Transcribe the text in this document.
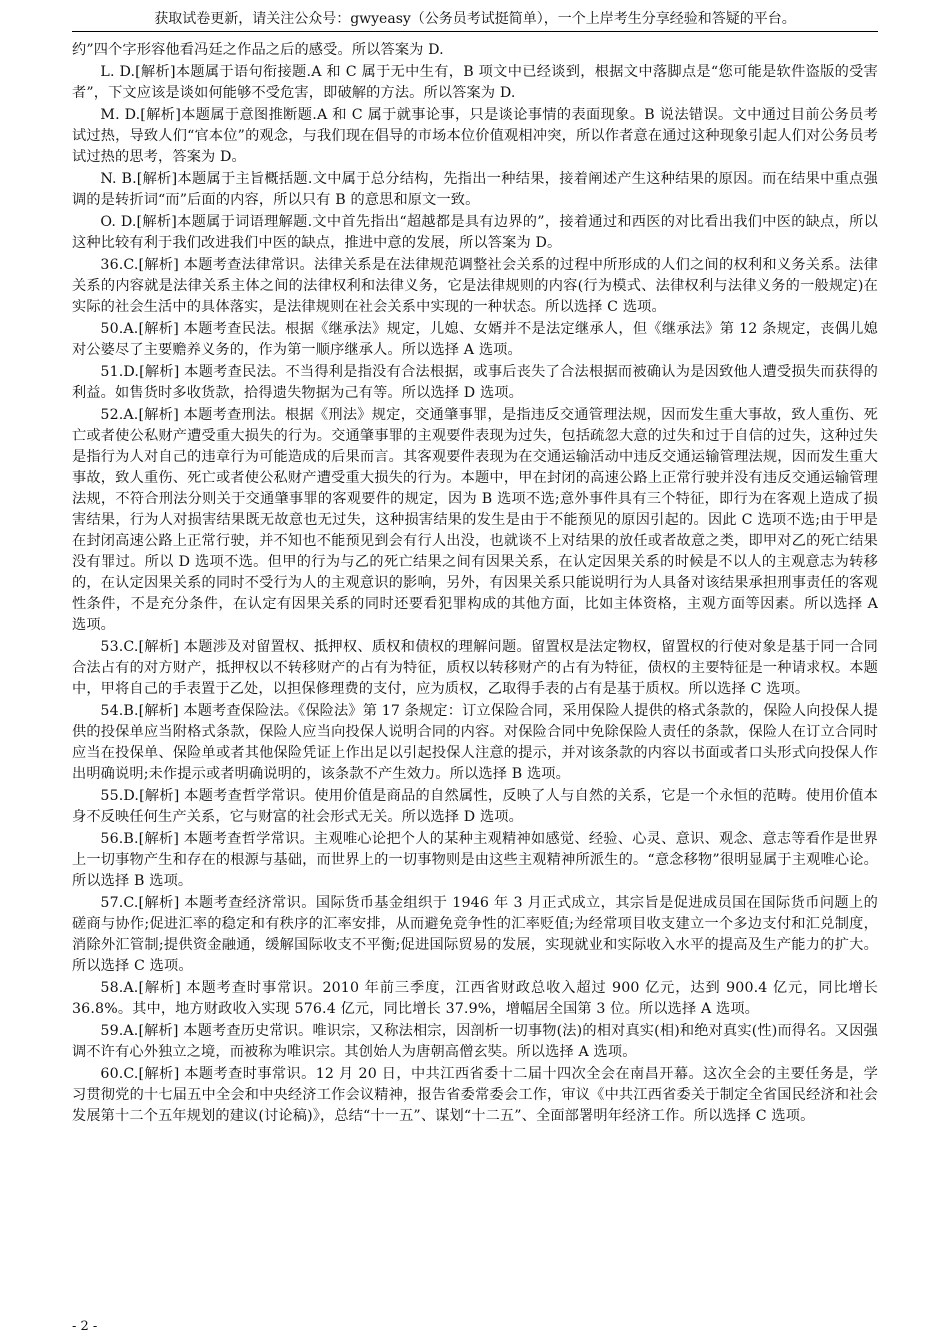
获取试卷更新，请关注公众号：gwyeasy（公务员考试挺简单），一个上岸考生分享经验和答疑的平台。

约”四个字形容他看冯廷之作品之后的感受。所以答案为 D.

L. D.[解析]本题属于语句衔接题.A 和 C 属于无中生有，B 项文中已经谈到，根据文中落脚点是“您可能是软件盗版的受害者”，下文应该是谈如何能够不受危害，即破解的方法。所以答案为 D.

M. D.[解析]本题属于意图推断题.A 和 C 属于就事论事，只是谈论事情的表面现象。B 说法错误。文中通过目前公务员考试过热，导致人们“官本位”的观念，与我们现在倡导的市场本位价值观相冲突，所以作者意在通过这种现象引起人们对公务员考试过热的思考，答案为 D。

N. B.[解析]本题属于主旨概括题.文中属于总分结构，先指出一种结果，接着阐述产生这种结果的原因。而在结果中重点强调的是转折词“而”后面的内容，所以只有 B 的意思和原文一致。

O. D.[解析]本题属于词语理解题.文中首先指出“超越都是具有边界的”，接着通过和西医的对比看出我们中医的缺点，所以这种比较有利于我们改进我们中医的缺点，推进中意的发展，所以答案为 D。

36.C.[解析] 本题考查法律常识。法律关系是在法律规范调整社会关系的过程中所形成的人们之间的权利和义务关系。法律关系的内容就是法律关系主体之间的法律权利和法律义务，它是法律规则的内容(行为模式、法律权利与法律义务的一般规定)在实际的社会生活中的具体落实，是法律规则在社会关系中实现的一种状态。所以选择 C 选项。

50.A.[解析] 本题考查民法。根据《继承法》规定，儿媳、女婿并不是法定继承人，但《继承法》第 12 条规定，丧偶儿媳对公婆尽了主要赡养义务的，作为第一顺序继承人。所以选择 A 选项。

51.D.[解析] 本题考查民法。不当得利是指没有合法根据，或事后丧失了合法根据而被确认为是因致他人遭受损失而获得的利益。如售货时多收货款，拾得遗失物据为己有等。所以选择 D 选项。

52.A.[解析] 本题考查刑法。根据《刑法》规定，交通肇事罪，是指违反交通管理法规，因而发生重大事故，致人重伤、死亡或者使公私财产遭受重大损失的行为。交通肇事罪的主观要件表现为过失，包括疏忽大意的过失和过于自信的过失，这种过失是指行为人对自己的违章行为可能造成的后果而言。其客观要件表现为在交通运输活动中违反交通运输管理法规，因而发生重大事故，致人重伤、死亡或者使公私财产遭受重大损失的行为。本题中，甲在封闭的高速公路上正常行驶并没有违反交通运输管理法规，不符合刑法分则关于交通肇事罪的客观要件的规定，因为 B 选项不选;意外事件具有三个特征，即行为在客观上造成了损害结果，行为人对损害结果既无故意也无过失，这种损害结果的发生是由于不能预见的原因引起的。因此 C 选项不选;由于甲是在封闭高速公路上正常行驶，并不知也不能预见到会有行人出没，也就谈不上对结果的放任或者故意之类，即甲对乙的死亡结果没有罪过。所以 D 选项不选。但甲的行为与乙的死亡结果之间有因果关系，在认定因果关系的时候是不以人的主观意志为转移的，在认定因果关系的同时不受行为人的主观意识的影响，另外，有因果关系只能说明行为人具备对该结果承担刑事责任的客观性条件，不是充分条件，在认定有因果关系的同时还要看犯罪构成的其他方面，比如主体资格，主观方面等因素。所以选择 A 选项。

53.C.[解析] 本题涉及对留置权、抵押权、质权和债权的理解问题。留置权是法定物权，留置权的行使对象是基于同一合同合法占有的对方财产，抵押权以不转移财产的占有为特征，质权以转移财产的占有为特征，债权的主要特征是一种请求权。本题中，甲将自己的手表置于乙处，以担保修理费的支付，应为质权，乙取得手表的占有是基于质权。所以选择 C 选项。

54.B.[解析] 本题考查保险法。《保险法》第 17 条规定：订立保险合同，采用保险人提供的格式条款的，保险人向投保人提供的投保单应当附格式条款，保险人应当向投保人说明合同的内容。对保险合同中免除保险人责任的条款，保险人在订立合同时应当在投保单、保险单或者其他保险凭证上作出足以引起投保人注意的提示，并对该条款的内容以书面或者口头形式向投保人作出明确说明;未作提示或者明确说明的，该条款不产生效力。所以选择 B 选项。

55.D.[解析] 本题考查哲学常识。使用价值是商品的自然属性，反映了人与自然的关系，它是一个永恒的范畴。使用价值本身不反映任何生产关系，它与财富的社会形式无关。所以选择 D 选项。

56.B.[解析] 本题考查哲学常识。主观唯心论把个人的某种主观精神如感觉、经验、心灵、意识、观念、意志等看作是世界上一切事物产生和存在的根源与基础，而世界上的一切事物则是由这些主观精神所派生的。“意念移物”很明显属于主观唯心论。所以选择 B 选项。

57.C.[解析] 本题考查经济常识。国际货币基金组织于 1946 年 3 月正式成立，其宗旨是促进成员国在国际货币问题上的磋商与协作;促进汇率的稳定和有秩序的汇率安排，从而避免竞争性的汇率贬值;为经常项目收支建立一个多边支付和汇兑制度，消除外汇管制;提供资金融通，缓解国际收支不平衡;促进国际贸易的发展，实现就业和实际收入水平的提高及生产能力的扩大。所以选择 C 选项。

58.A.[解析] 本题考查时事常识。2010 年前三季度，江西省财政总收入超过 900 亿元，达到 900.4 亿元，同比增长 36.8%。其中，地方财政收入实现 576.4 亿元，同比增长 37.9%，增幅居全国第 3 位。所以选择 A 选项。

59.A.[解析] 本题考查历史常识。唯识宗，又称法相宗，因剖析一切事物(法)的相对真实(相)和绝对真实(性)而得名。又因强调不许有心外独立之境，而被称为唯识宗。其创始人为唐朝高僧玄奘。所以选择 A 选项。

60.C.[解析] 本题考查时事常识。12 月 20 日，中共江西省委十二届十四次全会在南昌开幕。这次全会的主要任务是，学习贯彻党的十七届五中全会和中央经济工作会议精神，报告省委常委会工作，审议《中共江西省委关于制定全省国民经济和社会发展第十二个五年规划的建议(讨论稿)》，总结“十一五”、谋划“十二五”、全面部署明年经济工作。所以选择 C 选项。

- 2 -
